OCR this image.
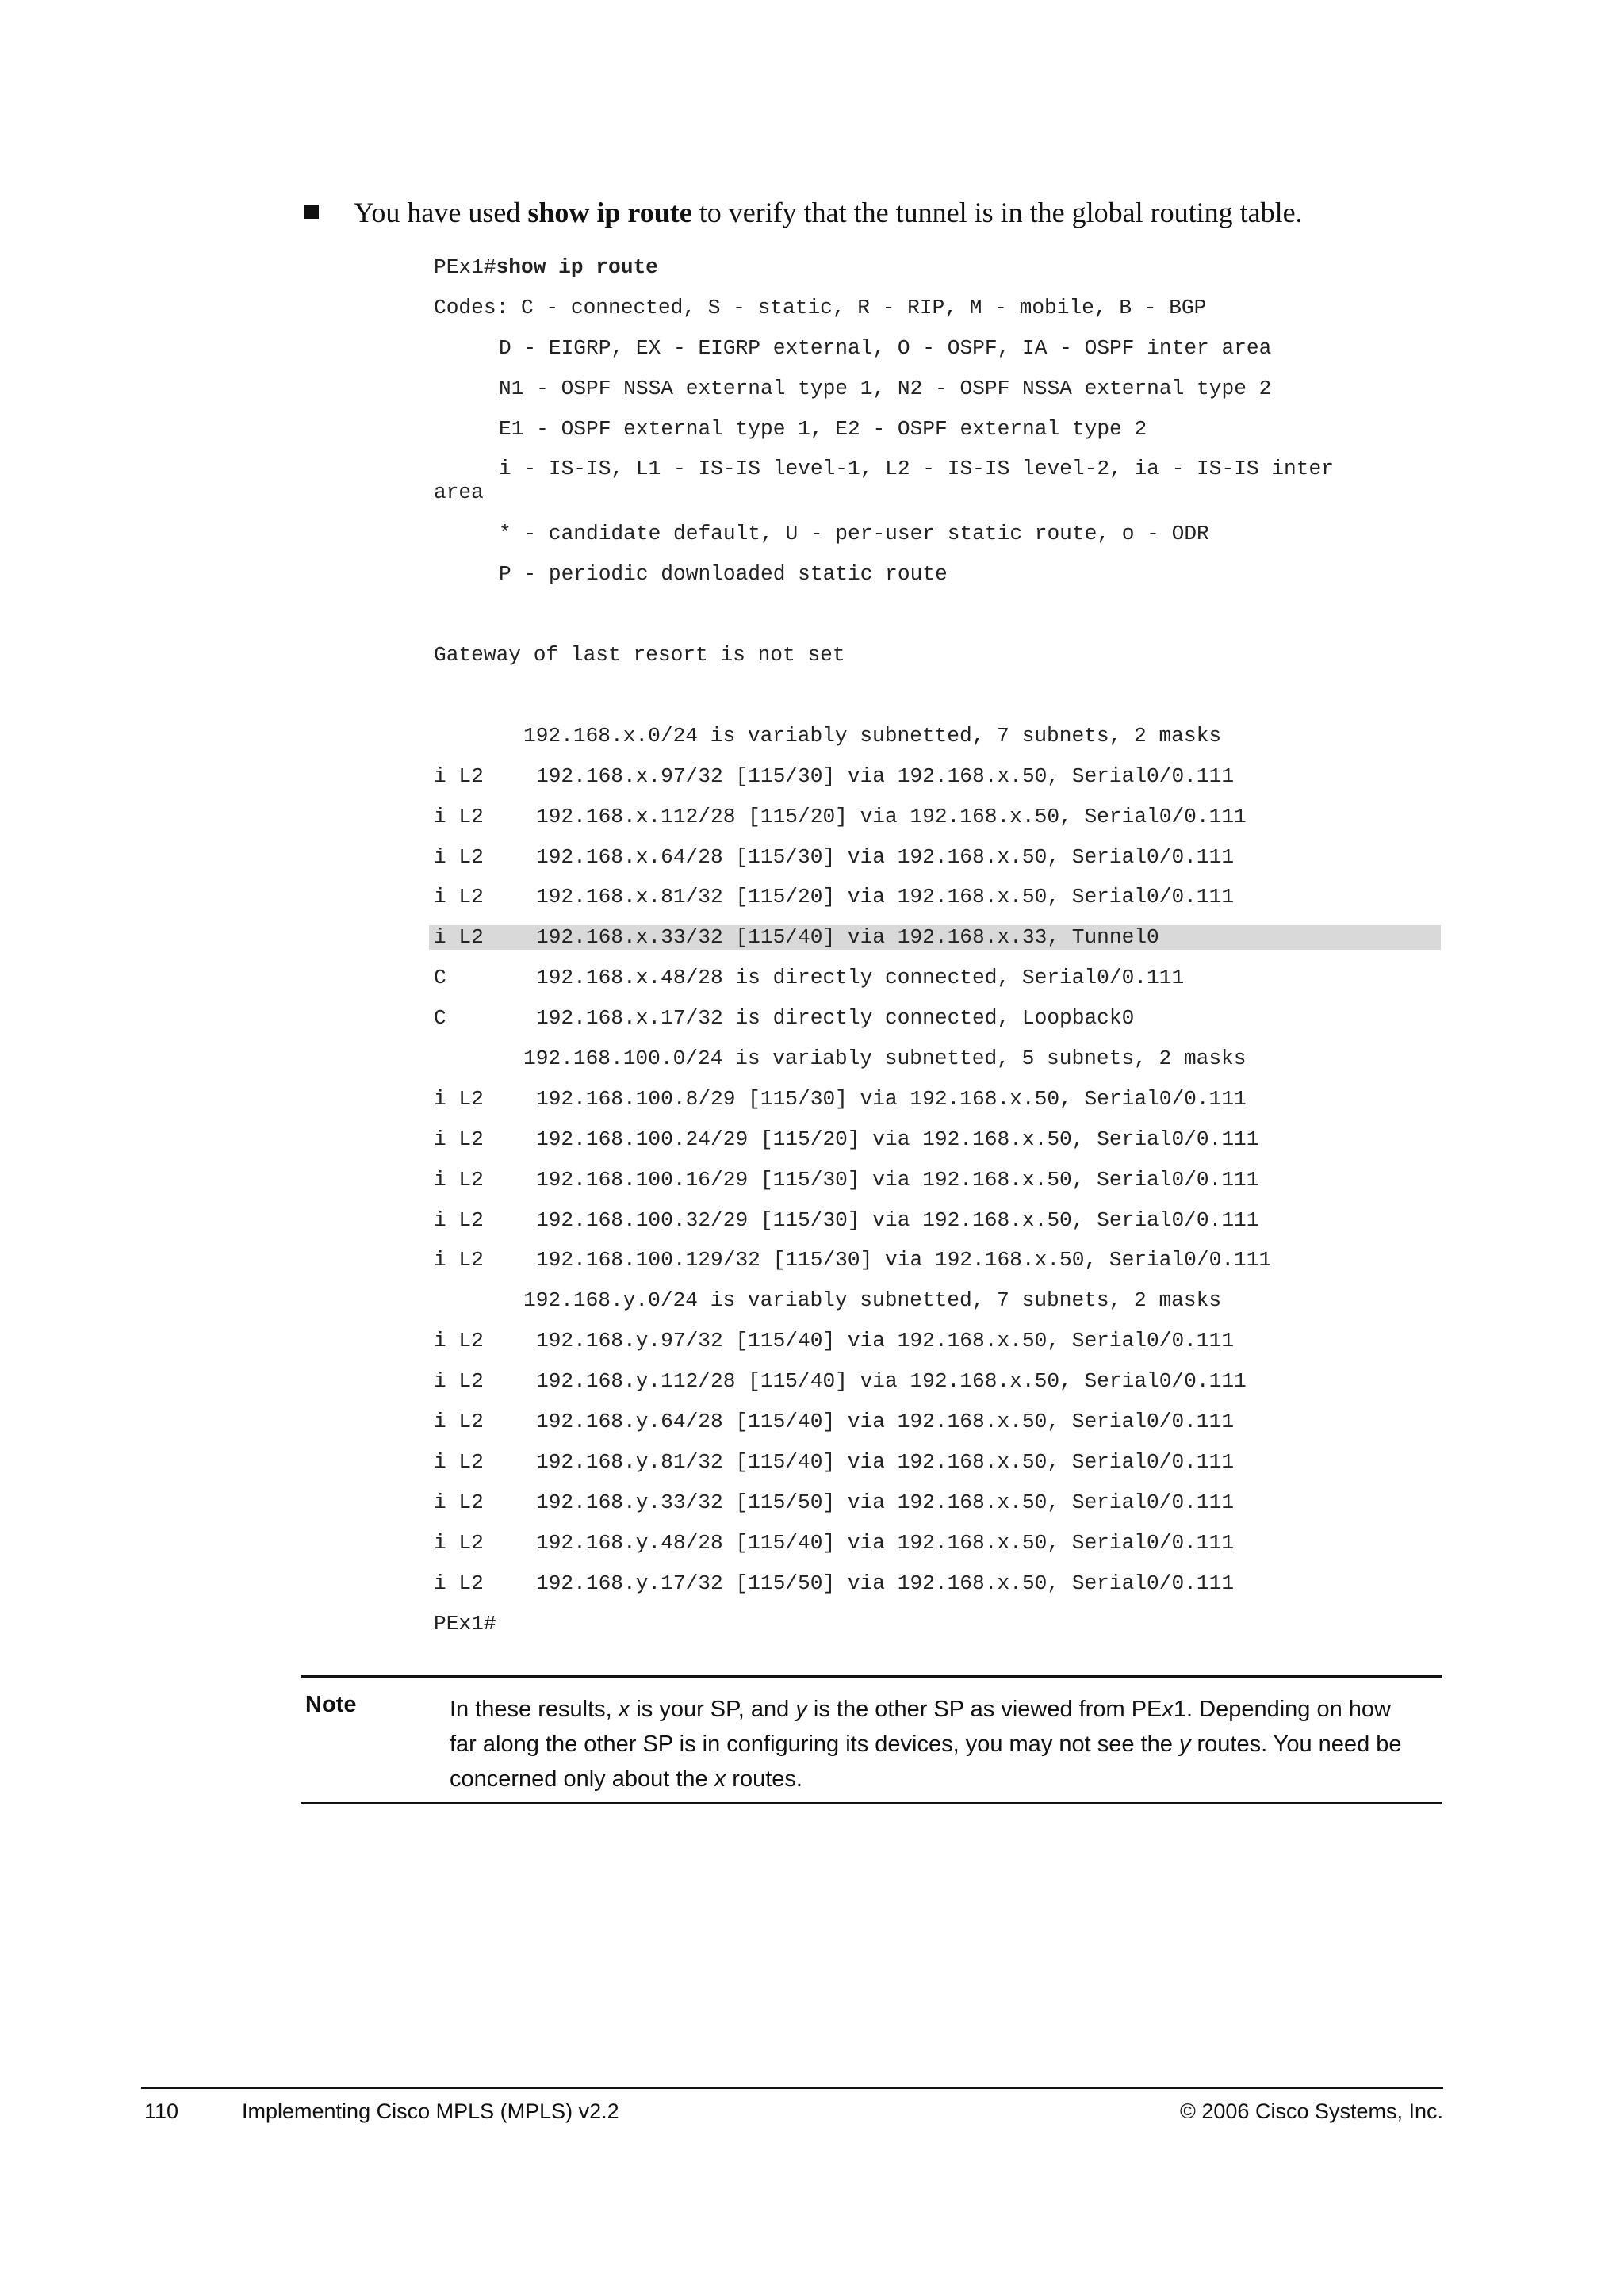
You have used show ip route to verify that the tunnel is in the global routing table.
PEx1#show ip route
Codes: C - connected, S - static, R - RIP, M - mobile, B - BGP
D - EIGRP, EX - EIGRP external, O - OSPF, IA - OSPF inter area
N1 - OSPF NSSA external type 1, N2 - OSPF NSSA external type 2
E1 - OSPF external type 1, E2 - OSPF external type 2
i - IS-IS, L1 - IS-IS level-1, L2 - IS-IS level-2, ia - IS-IS inter
area
* - candidate default, U - per-user static route, o - ODR
P - periodic downloaded static route
Gateway of last resort is not set
192.168.x.0/24 is variably subnetted, 7 subnets, 2 masks
i L2	192.168.x.97/32 [115/30] via 192.168.x.50, Serial0/0.111
i L2	192.168.x.112/28 [115/20] via 192.168.x.50, Serial0/0.111
i L2	192.168.x.64/28 [115/30] via 192.168.x.50, Serial0/0.111
i L2	192.168.x.81/32 [115/20] via 192.168.x.50, Serial0/0.111
i L2	192.168.x.33/32 [115/40] via 192.168.x.33, Tunnel0
C	192.168.x.48/28 is directly connected, Serial0/0.111
C	192.168.x.17/32 is directly connected, Loopback0
192.168.100.0/24 is variably subnetted, 5 subnets, 2 masks
i L2	192.168.100.8/29 [115/30] via 192.168.x.50, Serial0/0.111
i L2	192.168.100.24/29 [115/20] via 192.168.x.50, Serial0/0.111
i L2	192.168.100.16/29 [115/30] via 192.168.x.50, Serial0/0.111
i L2	192.168.100.32/29 [115/30] via 192.168.x.50, Serial0/0.111
i L2	192.168.100.129/32 [115/30] via 192.168.x.50, Serial0/0.111
192.168.y.0/24 is variably subnetted, 7 subnets, 2 masks
i L2	192.168.y.97/32 [115/40] via 192.168.x.50, Serial0/0.111
i L2	192.168.y.112/28 [115/40] via 192.168.x.50, Serial0/0.111
i L2	192.168.y.64/28 [115/40] via 192.168.x.50, Serial0/0.111
i L2	192.168.y.81/32 [115/40] via 192.168.x.50, Serial0/0.111
i L2	192.168.y.33/32 [115/50] via 192.168.x.50, Serial0/0.111
i L2	192.168.y.48/28 [115/40] via 192.168.x.50, Serial0/0.111
i L2	192.168.y.17/32 [115/50] via 192.168.x.50, Serial0/0.111
PEx1#
Note	In these results, x is your SP, and y is the other SP as viewed from PEx1. Depending on how far along the other SP is in configuring its devices, you may not see the y routes. You need be concerned only about the x routes.
110	Implementing Cisco MPLS (MPLS) v2.2	© 2006 Cisco Systems, Inc.
